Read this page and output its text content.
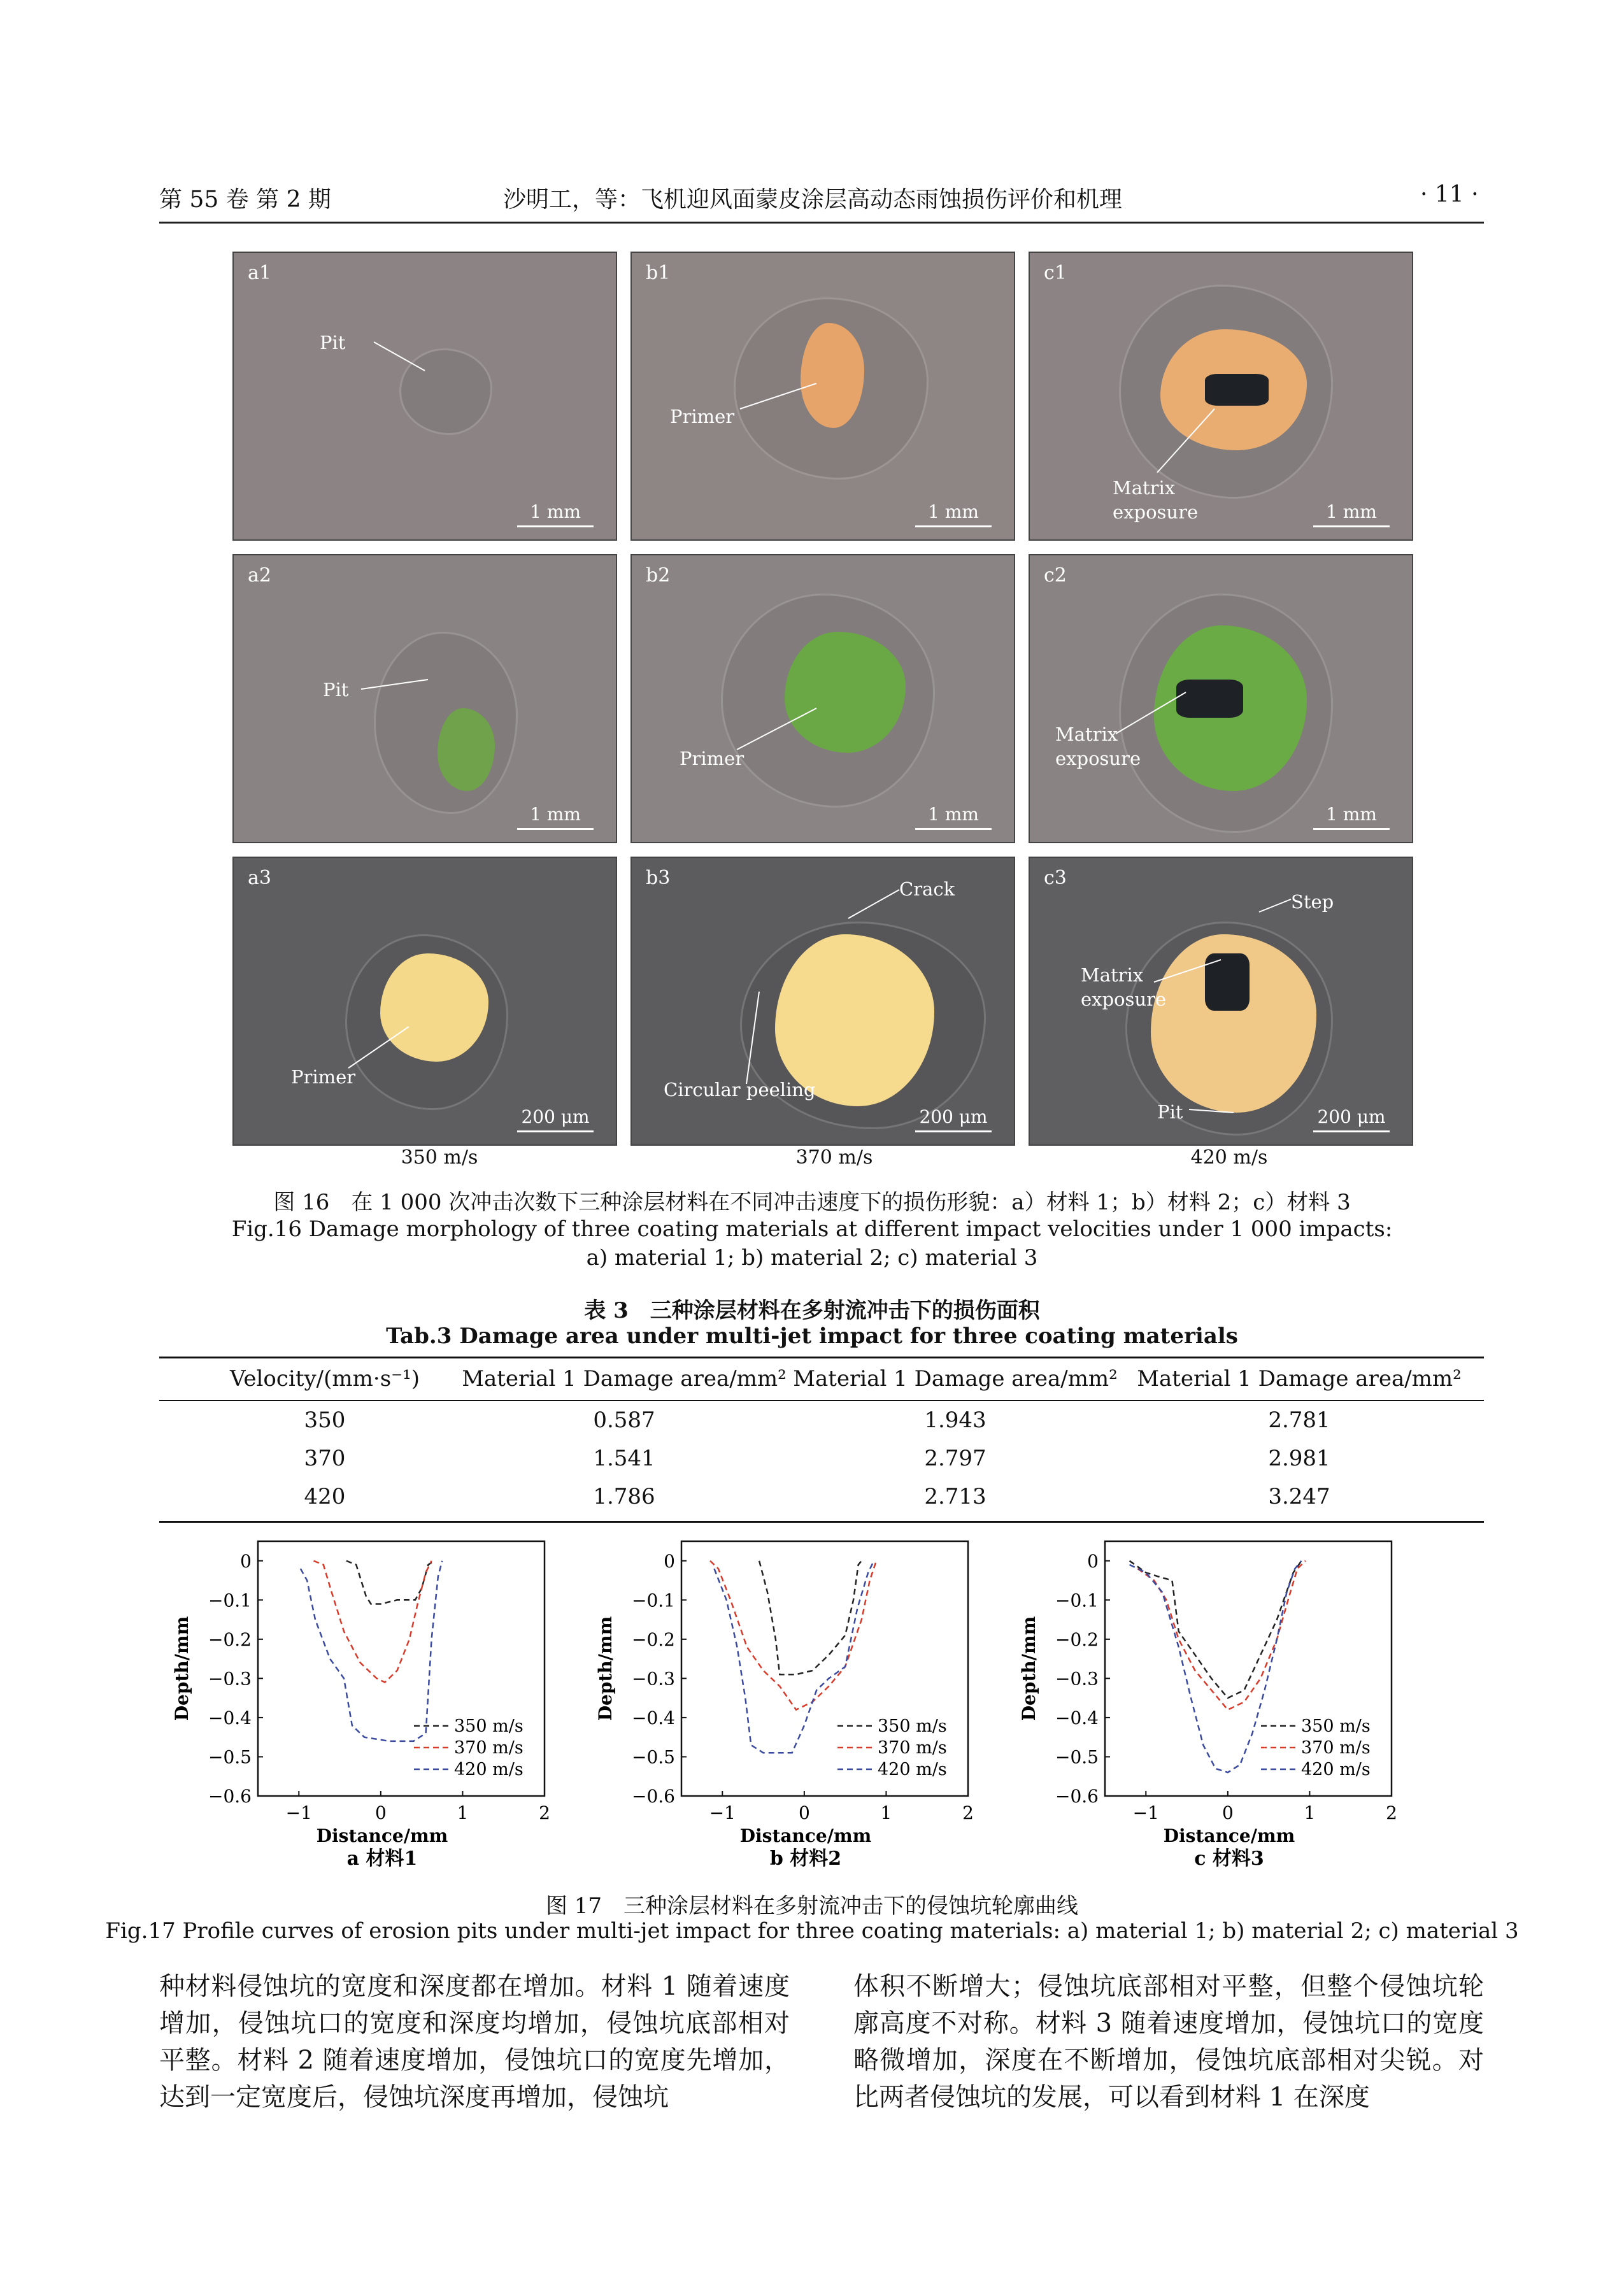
第 55 卷 第 2 期	沙明工，等：飞机迎风面蒙皮涂层高动态雨蚀损伤评价和机理	· 11 ·
a1
Pit
1 mm
b1
Primer
1 mm
c1
Matrix
exposure	1 mm
a2
Pit
1 mm
b2
Primer
1 mm
c2
Matrix
exposure
1 mm
a3
Primer
200 μm
b3	Crack
Circular peeling
200 μm
c3
Step
Matrix
exposure
Pit	200 μm
350 m/s	370 m/s	420 m/s
图 16　在 1 000 次冲击次数下三种涂层材料在不同冲击速度下的损伤形貌：a）材料 1；b）材料 2；c）材料 3
Fig.16 Damage morphology of three coating materials at different impact velocities under 1 000 impacts:
a) material 1; b) material 2; c) material 3
表 3　三种涂层材料在多射流冲击下的损伤面积
Tab.3 Damage area under multi-jet impact for three coating materials
Velocity/(mm·s⁻¹)	Material 1 Damage area/mm² Material 1 Damage area/mm² Material 1 Damage area/mm²
350	0.587	1.943	2.781
370	1.541	2.797	2.981
420	1.786	2.713	3.247
−1	0	1	2
0
−0.1
−0.2
−0.3
−0.4
−0.5
−0.6
Distance/mm
Depth/mm
a 材料1
350 m/s
370 m/s
420 m/s
−1	0	1	2
0
−0.1
−0.2
−0.3
−0.4
−0.5
−0.6
Distance/mm
Depth/mm
b 材料2
350 m/s
370 m/s
420 m/s
−1	0	1	2
0
−0.1
−0.2
−0.3
−0.4
−0.5
−0.6
Distance/mm
Depth/mm
c 材料3
350 m/s
370 m/s
420 m/s
图 17　三种涂层材料在多射流冲击下的侵蚀坑轮廓曲线
Fig.17 Profile curves of erosion pits under multi-jet impact for three coating materials: a) material 1; b) material 2; c) material 3
种材料侵蚀坑的宽度和深度都在增加。材料 1 随着速度增加，侵蚀坑口的宽度和深度均增加，侵蚀坑底部相对平整。材料 2 随着速度增加，侵蚀坑口的宽度先增加，达到一定宽度后，侵蚀坑深度再增加，侵蚀坑
体积不断增大；侵蚀坑底部相对平整，但整个侵蚀坑轮廓高度不对称。材料 3 随着速度增加，侵蚀坑口的宽度略微增加，深度在不断增加，侵蚀坑底部相对尖锐。对比两者侵蚀坑的发展，可以看到材料 1 在深度
